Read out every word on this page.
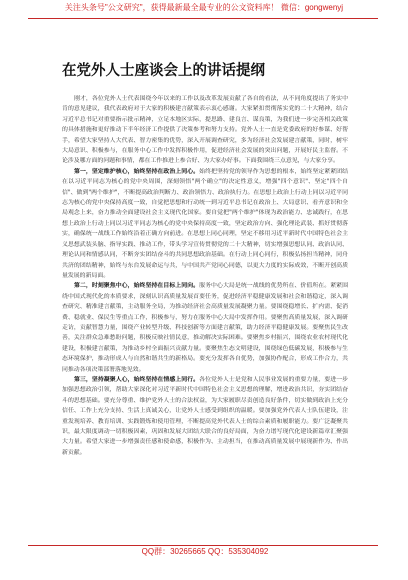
关注头条号"公文研究"，获得最新最全最专业的公文资料库！ 微信：gongwenyj
在党外人士座谈会上的讲话提纲

刚才，各位党外人士代表围绕今年以来的工作以及改革发展贡献了各自的看法，从不同角度提出了务实中肯的意见建议，我代表政府对于大家的积极建言献策表示衷心感谢。大家紧扣贯彻落实党的二十大精神，结合习近平总书记对重要指示批示精神，立足本地区实际，提思路、建良言、谋良策，为我们进一步完善相关政策的具体措施和更好推动下半年经济工作提供了决策参考和努力支持。党外人士一直是党委政府的好参谋、好帮手，希望大家坚持人大代表、智力密集的优势，深入开展调查研究，多为经济社会发展建言献策，同时，树牢大局意识、积极参与，在服务中心工作中发挥积极作用，促进经济社会发展的突出问题，开展好民主监督。不论涉及哪方面的问题和事情，都在工作推进上参合好、为大家办好事。下面我围绕三点意见，与大家分享。

第一，坚定维护核心，始终坚持在政治上同心。始终把坚持党的领导作为思想的根本，始终坚定紧紧团结在以习近平同志为核心的党中央周围，深刻领悟"两个确立"的决定性意义，增强"四个意识"、坚定"四个自信"、做到"两个维护"，不断提高政治判断力、政治领悟力、政治执行力。在思想上政治上行动上同以习近平同志为核心的党中央保持高度一致，自觉把思想和行动统一到习近平总书记在政治上、大局意识、看齐意识和全局观念上来，奋力推动全面建设社会主义现代化国家。要自觉把"两个维护"体现为政治能力、忠诚践行，在思想上政治上行动上同以习近平同志为核心的党中央保持高度一致，坚定政治方向、强化理论武装、抓好贯彻落实，确保统一战线工作始终沿着正确方向前进。在思想上同心同理，坚定不移用习近平新时代中国特色社会主义思想武装头脑、指导实践、推动工作，带头学习宣传贯彻党的二十大精神，切实增强思想认同、政治认同、理论认同和情感认同，不断夯实团结奋斗的共同思想政治基础。在行动上同心同行，积极弘扬担当精神，同舟共济的团结精神，始终与东台发展命运与共，与中国共产党同心同德，以更大力度的实际成效，不断开创高质量发展的新局面。

第二，时刻聚焦中心，始终坚持在目标上同向。服务中心大局是统一战线的优势所在、价值所在。紧紧围绕中国式现代化的本质要求，深刻认识高质量发展首要任务，促进经济平稳健康发展和社会和谐稳定，深入调查研究、精准建言献策，主动服务全局，为推动经济社会高质量发展凝聚力量。要围绕稳增长、扩内需、促消费、稳就业、保民生等重点工作，积极参与，努力在服务中心大局中发挥作用。要聚焦高质量发展，深入调研走访，贡献智慧力量，围绕产业转型升级、科技创新等方面建言献策，助力经济平稳健康发展。要聚焦民生改善，关注群众急难愁盼问题，积极反映社情民意，推动解决实际困难。要聚焦乡村振兴，围绕农业农村现代化建设，积极建言献策，为推动乡村全面振兴贡献力量。要聚焦生态文明建设，围绕绿色低碳发展，积极参与生态环境保护，推动形成人与自然和谐共生的新格局。要充分发挥各自优势，加强协作配合，形成工作合力，共同推动各项决策部署落地见效。

第三，坚持凝聚人心，始终坚持在情感上同行。各位党外人士是党和人民事业发展的重要力量，要进一步加强思想政治引领，帮助大家深化对习近平新时代中国特色社会主义思想的理解，增进政治共识，夯实团结奋斗的思想基础。要充分尊重、维护党外人士的合法权益，为大家履职尽责创造良好条件，切实做到政治上充分信任、工作上充分支持、生活上真诚关心，让党外人士感受到组织的温暖。要加强党外代表人士队伍建设，注重发现培养、教育培训、实践锻炼和使用管理，不断提高党外代表人士的综合素质和履职能力。要广泛凝聚共识，最大限度调动一切积极因素，巩固和发展大团结大联合的良好局面，为奋力谱写现代化建设新篇章汇聚强大力量。希望大家进一步增强责任感和使命感，积极作为、主动担当，在推动高质量发展中展现新作为、作出新贡献。

QQ群：30265665 QQ：535304092
